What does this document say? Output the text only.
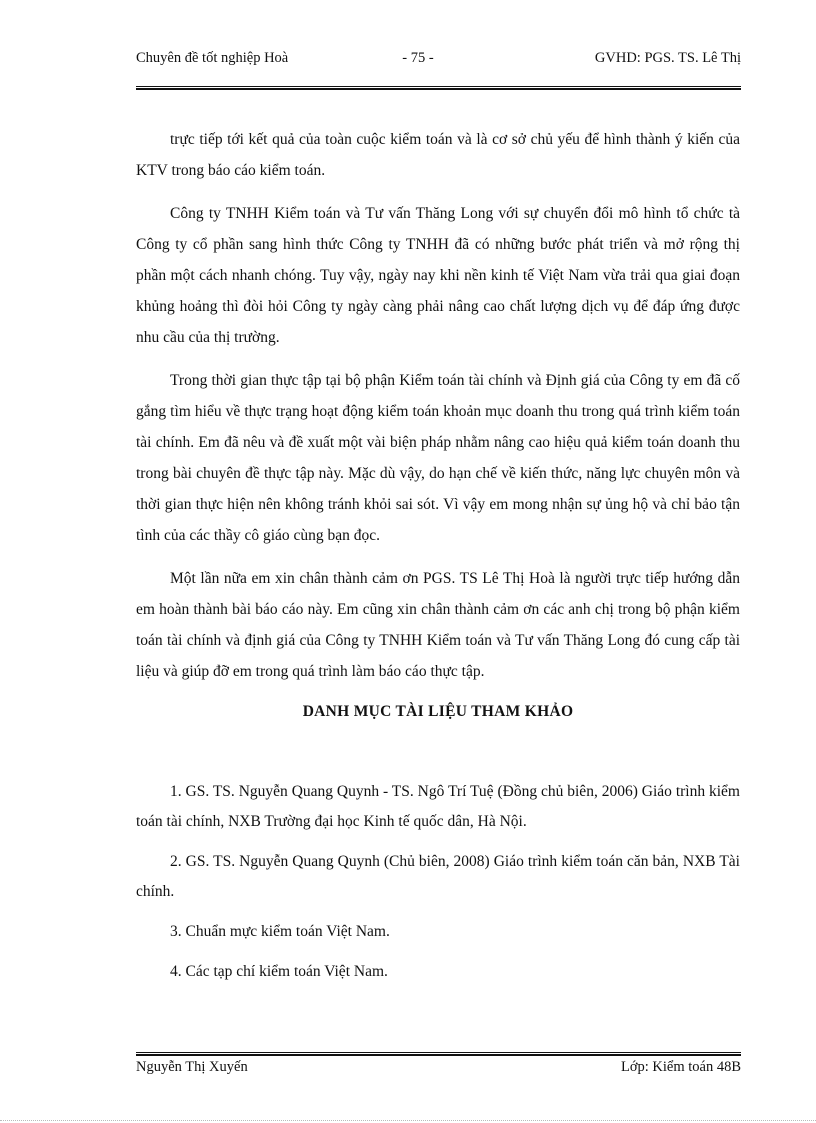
Chuyên đề tốt nghiệp Hoà	- 75 -	GVHD: PGS. TS. Lê Thị

trực tiếp tới kết quả của toàn cuộc kiểm toán và là cơ sở chủ yếu để hình thành ý kiến của KTV trong báo cáo kiểm toán.

Công ty TNHH Kiểm toán và Tư vấn Thăng Long với sự chuyển đổi mô hình tổ chức tà Công ty cổ phần sang hình thức Công ty TNHH đã có những bước phát triển và mở rộng thị phần một cách nhanh chóng. Tuy vậy, ngày nay khi nền kinh tế Việt Nam vừa trải qua giai đoạn khủng hoảng thì đòi hỏi Công ty ngày càng phải nâng cao chất lượng dịch vụ để đáp ứng được nhu cầu của thị trường.

Trong thời gian thực tập tại bộ phận Kiểm toán tài chính và Định giá của Công ty em đã cố gắng tìm hiểu về thực trạng hoạt động kiểm toán khoản mục doanh thu trong quá trình kiểm toán tài chính. Em đã nêu và đề xuất một vài biện pháp nhằm nâng cao hiệu quả kiểm toán doanh thu trong bài chuyên đề thực tập này. Mặc dù vậy, do hạn chế về kiến thức, năng lực chuyên môn và thời gian thực hiện nên không tránh khỏi sai sót. Vì vậy em mong nhận sự ủng hộ và chỉ bảo tận tình của các thầy cô giáo cùng bạn đọc.

Một lần nữa em xin chân thành cảm ơn PGS. TS Lê Thị Hoà là người trực tiếp hướng dẫn em hoàn thành bài báo cáo này. Em cũng xin chân thành cảm ơn các anh chị trong bộ phận kiểm toán tài chính và định giá của Công ty TNHH Kiểm toán và Tư vấn Thăng Long đó cung cấp tài liệu và giúp đỡ em trong quá trình làm báo cáo thực tập.

DANH MỤC TÀI LIỆU THAM KHẢO

1. GS. TS. Nguyễn Quang Quynh - TS. Ngô Trí Tuệ (Đồng chủ biên, 2006) Giáo trình kiểm toán tài chính, NXB Trường đại học Kinh tế quốc dân, Hà Nội.

2. GS. TS. Nguyễn Quang Quynh (Chủ biên, 2008) Giáo trình kiểm toán căn bản, NXB Tài chính.

3. Chuẩn mực kiểm toán Việt Nam.

4. Các tạp chí kiểm toán Việt Nam.

Nguyễn Thị Xuyến	Lớp: Kiểm toán 48B
